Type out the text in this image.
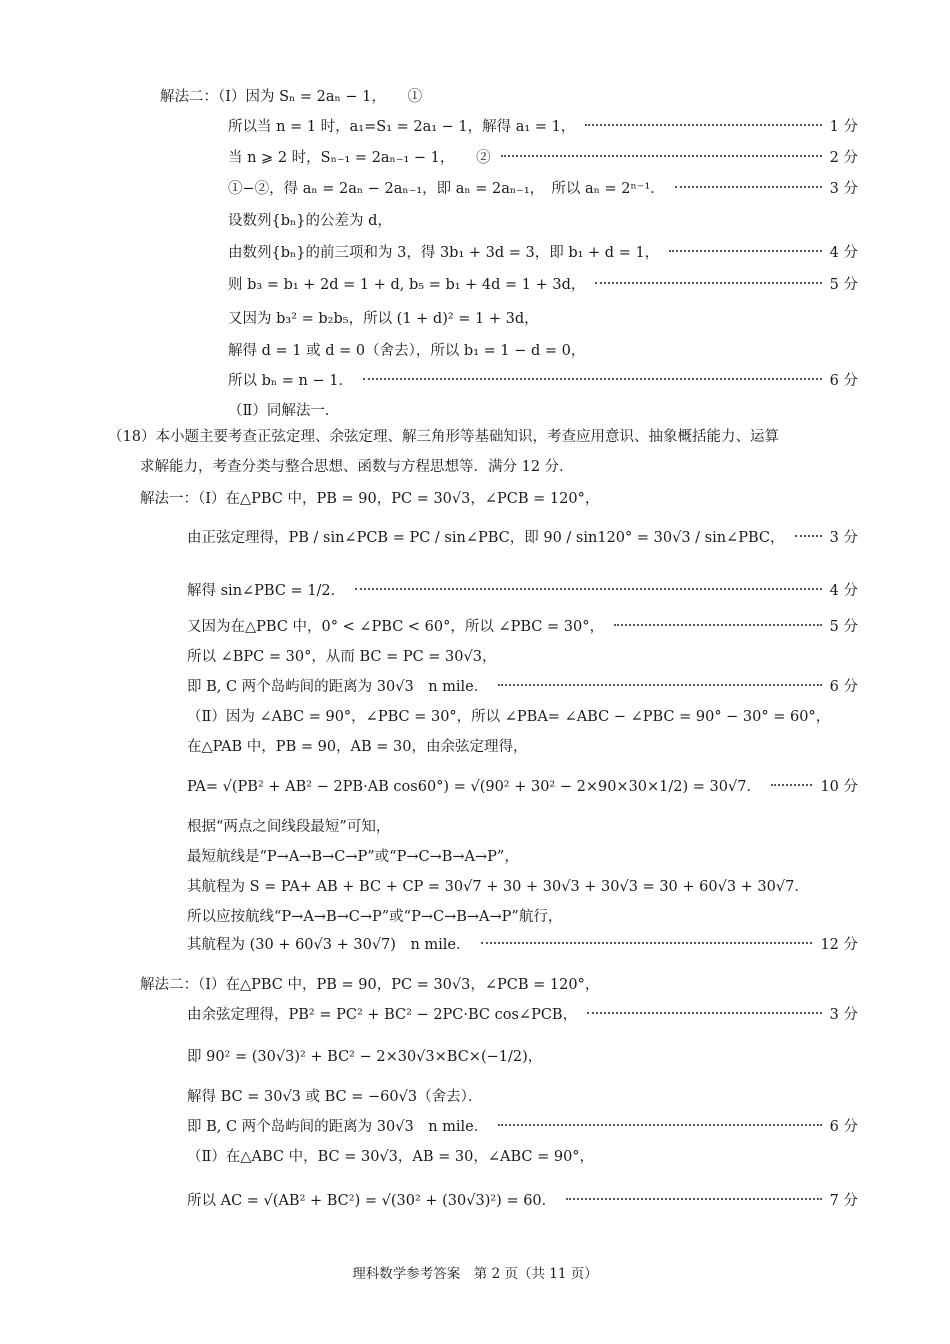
解法二：（Ⅰ）因为 Sₙ = 2aₙ − 1，　　①
所以当 n = 1 时，a₁=S₁ = 2a₁ − 1，解得 a₁ = 1，	1 分
当 n ⩾ 2 时，Sₙ₋₁ = 2aₙ₋₁ − 1，　　②	2 分
①−②，得 aₙ = 2aₙ − 2aₙ₋₁，即 aₙ = 2aₙ₋₁，　所以 aₙ = 2ⁿ⁻¹．	3 分
设数列{bₙ}的公差为 d，
由数列{bₙ}的前三项和为 3，得 3b₁ + 3d = 3，即 b₁ + d = 1，	4 分
则 b₃ = b₁ + 2d = 1 + d, b₅ = b₁ + 4d = 1 + 3d，	5 分
又因为 b₃² = b₂b₅，所以 (1 + d)² = 1 + 3d，
解得 d = 1 或 d = 0（舍去），所以 b₁ = 1 − d = 0，
所以 bₙ = n − 1．	6 分
（Ⅱ）同解法一．
（18）本小题主要考查正弦定理、余弦定理、解三角形等基础知识，考查应用意识、抽象概括能力、运算
求解能力，考查分类与整合思想、函数与方程思想等．满分 12 分．
解法一：（Ⅰ）在△PBC 中，PB = 90，PC = 30√3，∠PCB = 120°，
由正弦定理得，PB / sin∠PCB = PC / sin∠PBC，即 90 / sin120° = 30√3 / sin∠PBC，	3 分
解得 sin∠PBC = 1/2．	4 分
又因为在△PBC 中，0° < ∠PBC < 60°，所以 ∠PBC = 30°，	5 分
所以 ∠BPC = 30°，从而 BC = PC = 30√3，
即 B, C 两个岛屿间的距离为 30√3　n mile．	6 分
（Ⅱ）因为 ∠ABC = 90°，∠PBC = 30°，所以 ∠PBA= ∠ABC − ∠PBC = 90° − 30° = 60°，
在△PAB 中，PB = 90，AB = 30，由余弦定理得，
PA= √(PB² + AB² − 2PB·AB cos60°) = √(90² + 30² − 2×90×30×1/2) = 30√7．	10 分
根据“两点之间线段最短”可知，
最短航线是“P→A→B→C→P”或“P→C→B→A→P”，
其航程为 S = PA+ AB + BC + CP = 30√7 + 30 + 30√3 + 30√3 = 30 + 60√3 + 30√7．
所以应按航线“P→A→B→C→P”或“P→C→B→A→P”航行，
其航程为 (30 + 60√3 + 30√7)　n mile．	12 分
解法二：（Ⅰ）在△PBC 中，PB = 90，PC = 30√3，∠PCB = 120°，
由余弦定理得，PB² = PC² + BC² − 2PC·BC cos∠PCB，	3 分
即 90² = (30√3)² + BC² − 2×30√3×BC×(−1/2)，
解得 BC = 30√3 或 BC = −60√3（舍去）．
即 B, C 两个岛屿间的距离为 30√3　n mile．	6 分
（Ⅱ）在△ABC 中，BC = 30√3，AB = 30，∠ABC = 90°，
所以 AC = √(AB² + BC²) = √(30² + (30√3)²) = 60．	7 分
理科数学参考答案　第 2 页（共 11 页）
